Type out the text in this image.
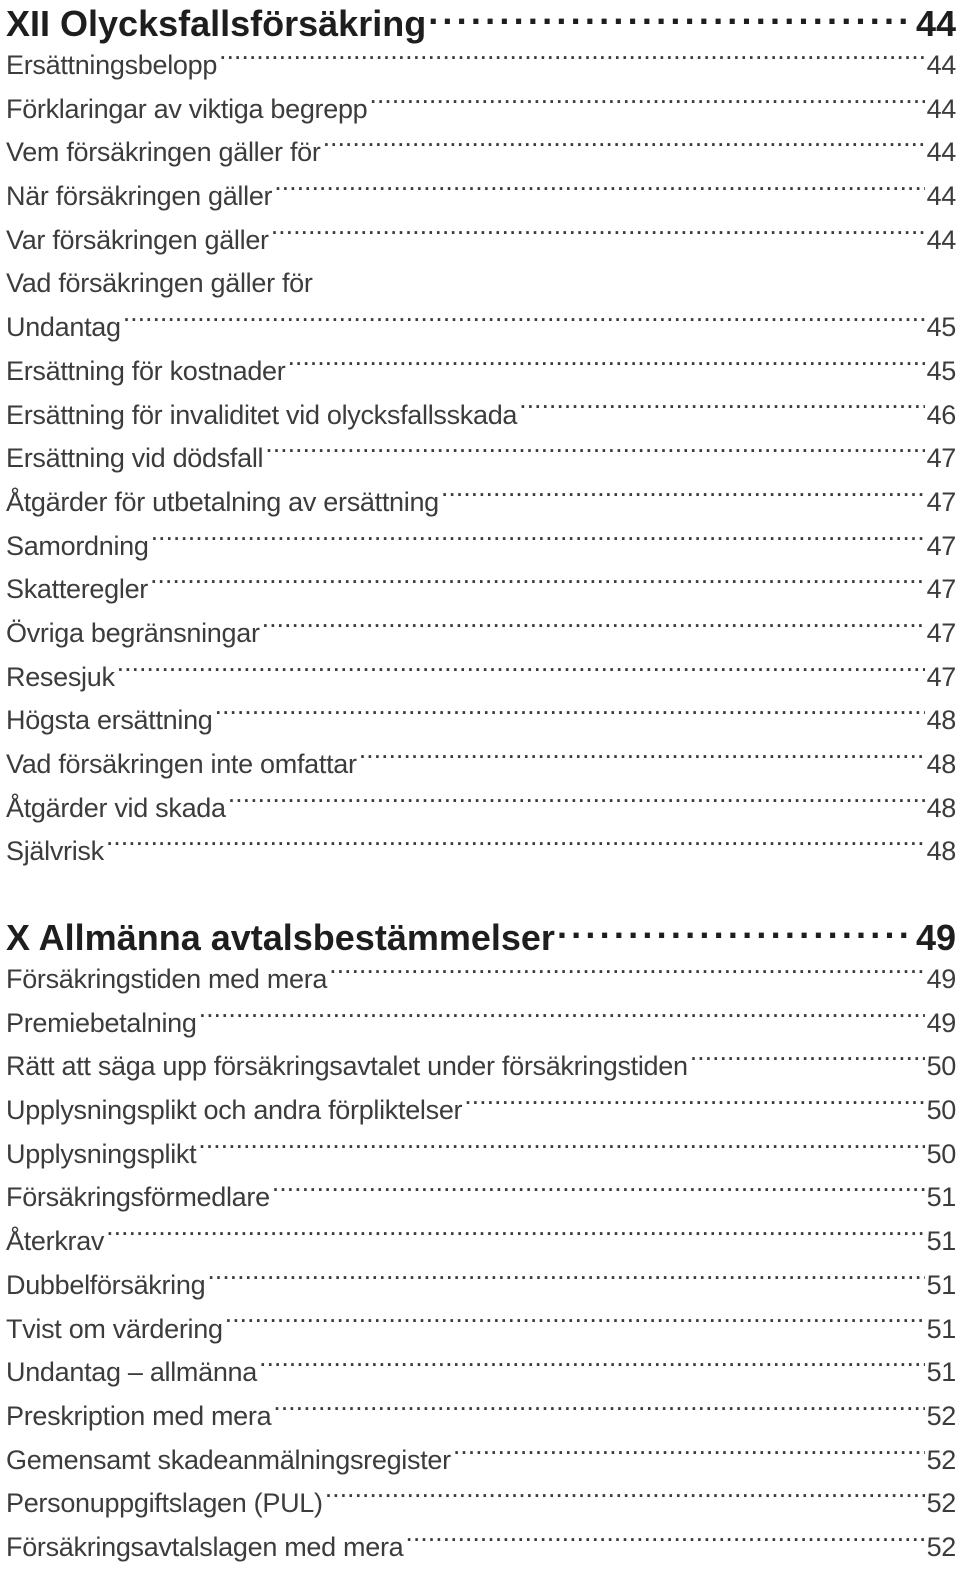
XII Olycksfallsförsäkring . . .	44
Ersättningsbelopp . . .	44
Förklaringar av viktiga begrepp . . .	44
Vem försäkringen gäller för . . .	44
När försäkringen gäller . . .	44
Var försäkringen gäller . . .	44
Vad försäkringen gäller för
Undantag . . .	45
Ersättning för kostnader . . .	45
Ersättning för invaliditet vid olycksfallsskada . . .	46
Ersättning vid dödsfall . . .	47
Åtgärder för utbetalning av ersättning . . .	47
Samordning . . .	47
Skatteregler . . .	47
Övriga begränsningar . . .	47
Resesjuk . . .	47
Högsta ersättning . . .	48
Vad försäkringen inte omfattar . . .	48
Åtgärder vid skada . . .	48
Självrisk . . .	48
X Allmänna avtalsbestämmelser . . .	49
Försäkringstiden med mera . . .	49
Premiebetalning . . .	49
Rätt att säga upp försäkringsavtalet under försäkringstiden . . .	50
Upplysningsplikt och andra förpliktelser . . .	50
Upplysningsplikt . . .	50
Försäkringsförmedlare . . .	51
Återkrav . . .	51
Dubbelförsäkring . . .	51
Tvist om värdering . . .	51
Undantag – allmänna . . .	51
Preskription med mera . . .	52
Gemensamt skadeanmälningsregister . . .	52
Personuppgiftslagen (PUL) . . .	52
Försäkringsavtalslagen med mera . . .	52
